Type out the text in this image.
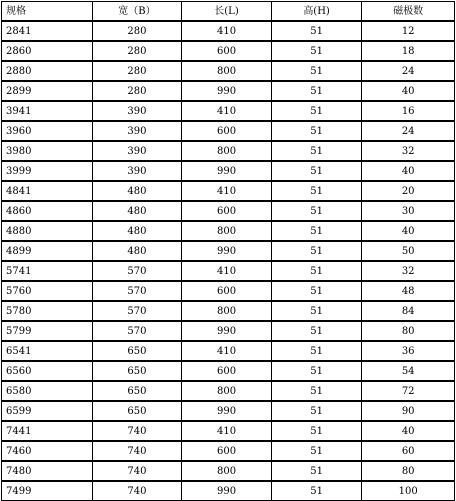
规格	宽（B）	长(L)	高(H)	磁极数
2841	280	410	51	12
2860	280	600	51	18
2880	280	800	51	24
2899	280	990	51	40
3941	390	410	51	16
3960	390	600	51	24
3980	390	800	51	32
3999	390	990	51	40
4841	480	410	51	20
4860	480	600	51	30
4880	480	800	51	40
4899	480	990	51	50
5741	570	410	51	32
5760	570	600	51	48
5780	570	800	51	84
5799	570	990	51	80
6541	650	410	51	36
6560	650	600	51	54
6580	650	800	51	72
6599	650	990	51	90
7441	740	410	51	40
7460	740	600	51	60
7480	740	800	51	80
7499	740	990	51	100
